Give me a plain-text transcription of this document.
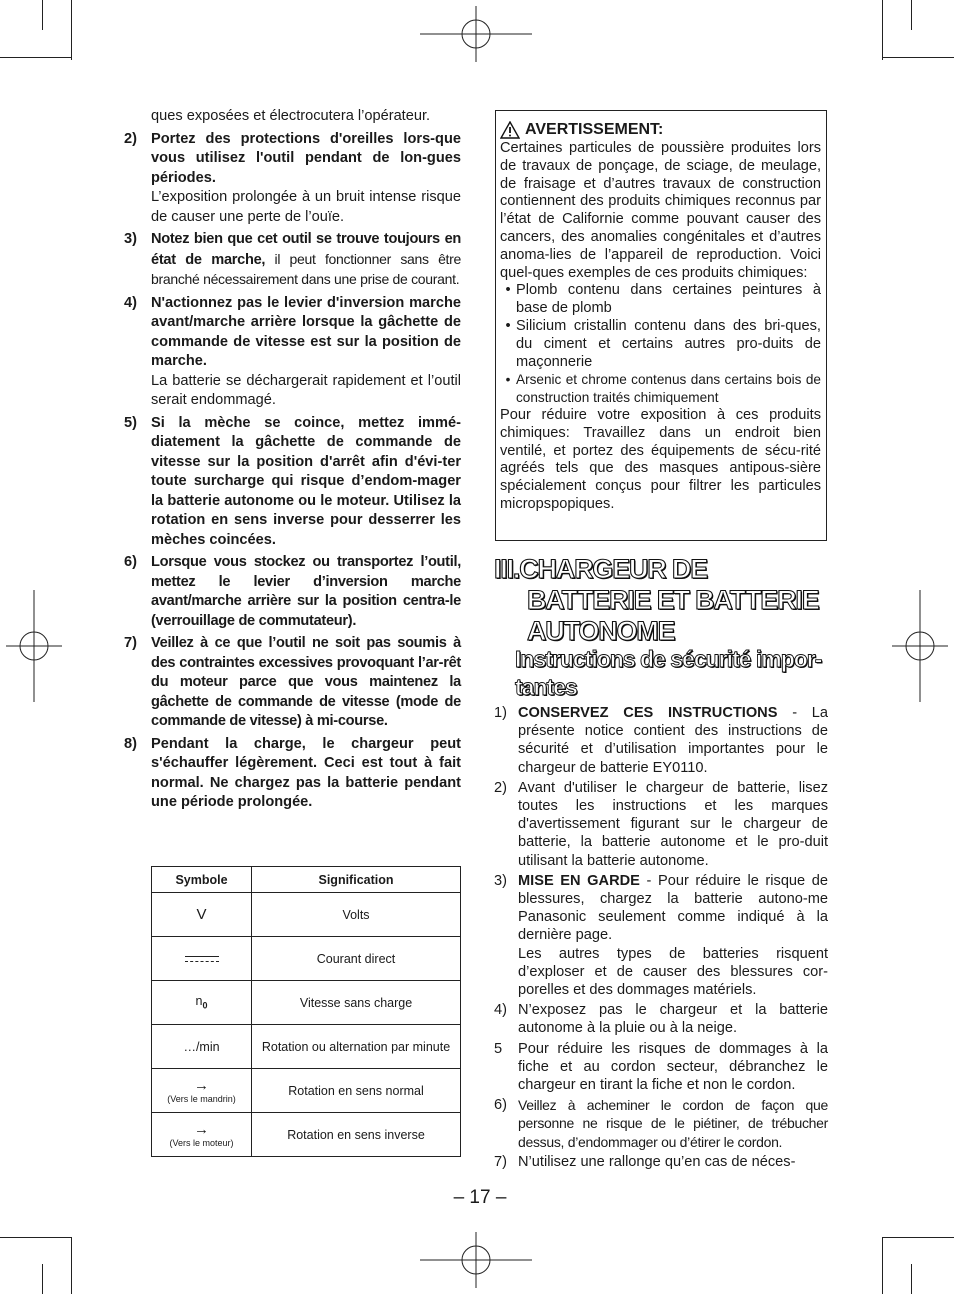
ques exposées et électrocutera l’opérateur.
2) Portez des protections d'oreilles lors-que vous utilisez l'outil pendant de lon-gues périodes.
L’exposition prolongée à un bruit intense risque de causer une perte de l’ouïe.
3) Notez bien que cet outil se trouve toujours en état de marche, il peut fonctionner sans être branché nécessairement dans une prise de courant.
4) N'actionnez pas le levier d'inversion marche avant/marche arrière lorsque la gâchette de commande de vitesse est sur la position de marche.
La batterie se déchargerait rapidement et l’outil serait endommagé.
5) Si la mèche se coince, mettez immé-diatement la gâchette de commande de vitesse sur la position d'arrêt afin d'évi-ter toute surcharge qui risque d’endom-mager la batterie autonome ou le moteur. Utilisez la rotation en sens inverse pour desserrer les mèches coincées.
6) Lorsque vous stockez ou transportez l’outil, mettez le levier d’inversion marche avant/marche arrière sur la position centra-le (verrouillage de commutateur).
7) Veillez à ce que l’outil ne soit pas soumis à des contraintes excessives provoquant l’ar-rêt du moteur parce que vous maintenez la gâchette de commande de vitesse (mode de commande de vitesse) à mi-course.
8) Pendant la charge, le chargeur peut s'échauffer légèrement. Ceci est tout à fait normal. Ne chargez pas la batterie pendant une période prolongée.
Symbole	Signification
V	Volts
	Courant direct
$n_0$	Vitesse sans charge
…/min	Rotation ou alternation par minute
→
(Vers le mandrin)	Rotation en sens normal
→
(Vers le moteur)	Rotation en sens inverse
AVERTISSEMENT:

Certaines particules de poussière produites lors de travaux de ponçage, de sciage, de meulage, de fraisage et d’autres travaux de construction contiennent des produits chimiques reconnus par l’état de Californie comme pouvant causer des cancers, des anomalies congénitales et d’autres anoma-lies de l’appareil de reproduction. Voici quel-ques exemples de ces produits chimiques:

• Plomb contenu dans certaines peintures à base de plomb
• Silicium cristallin contenu dans des bri-ques, du ciment et certains autres pro-duits de maçonnerie
• Arsenic et chrome contenus dans certains bois de construction traités chimiquement

Pour réduire votre exposition à ces produits chimiques: Travaillez dans un endroit bien ventilé, et portez des équipements de sécu-rité agréés tels que des masques antipous-sière spécialement conçus pour filtrer les particules micropspopiques.

III.CHARGEUR DE
BATTERIE ET BATTERIE
AUTONOME
Instructions de sécurité impor-tantes
1) CONSERVEZ CES INSTRUCTIONS - La présente notice contient des instructions de sécurité et d’utilisation importantes pour le chargeur de batterie EY0110.
2) Avant d'utiliser le chargeur de batterie, lisez toutes les instructions et les marques d'avertissement figurant sur le chargeur de batterie, la batterie autonome et le pro-duit utilisant la batterie autonome.
3) MISE EN GARDE - Pour réduire le risque de blessures, chargez la batterie autono-me Panasonic seulement comme indiqué à la dernière page.

Les autres types de batteries risquent d’exploser et de causer des blessures cor-porelles et des dommages matériels.

4) N’exposez pas le chargeur et la batterie autonome à la pluie ou à la neige.
5	Pour réduire les risques de dommages à la fiche et au cordon secteur, débranchez le chargeur en tirant la fiche et non le cordon.
6) Veillez à acheminer le cordon de façon que personne ne risque de le piétiner, de trébucher dessus, d’endommager ou d’étirer le cordon.
7) N’utilisez une rallonge qu’en cas de néces-
– 17 –
